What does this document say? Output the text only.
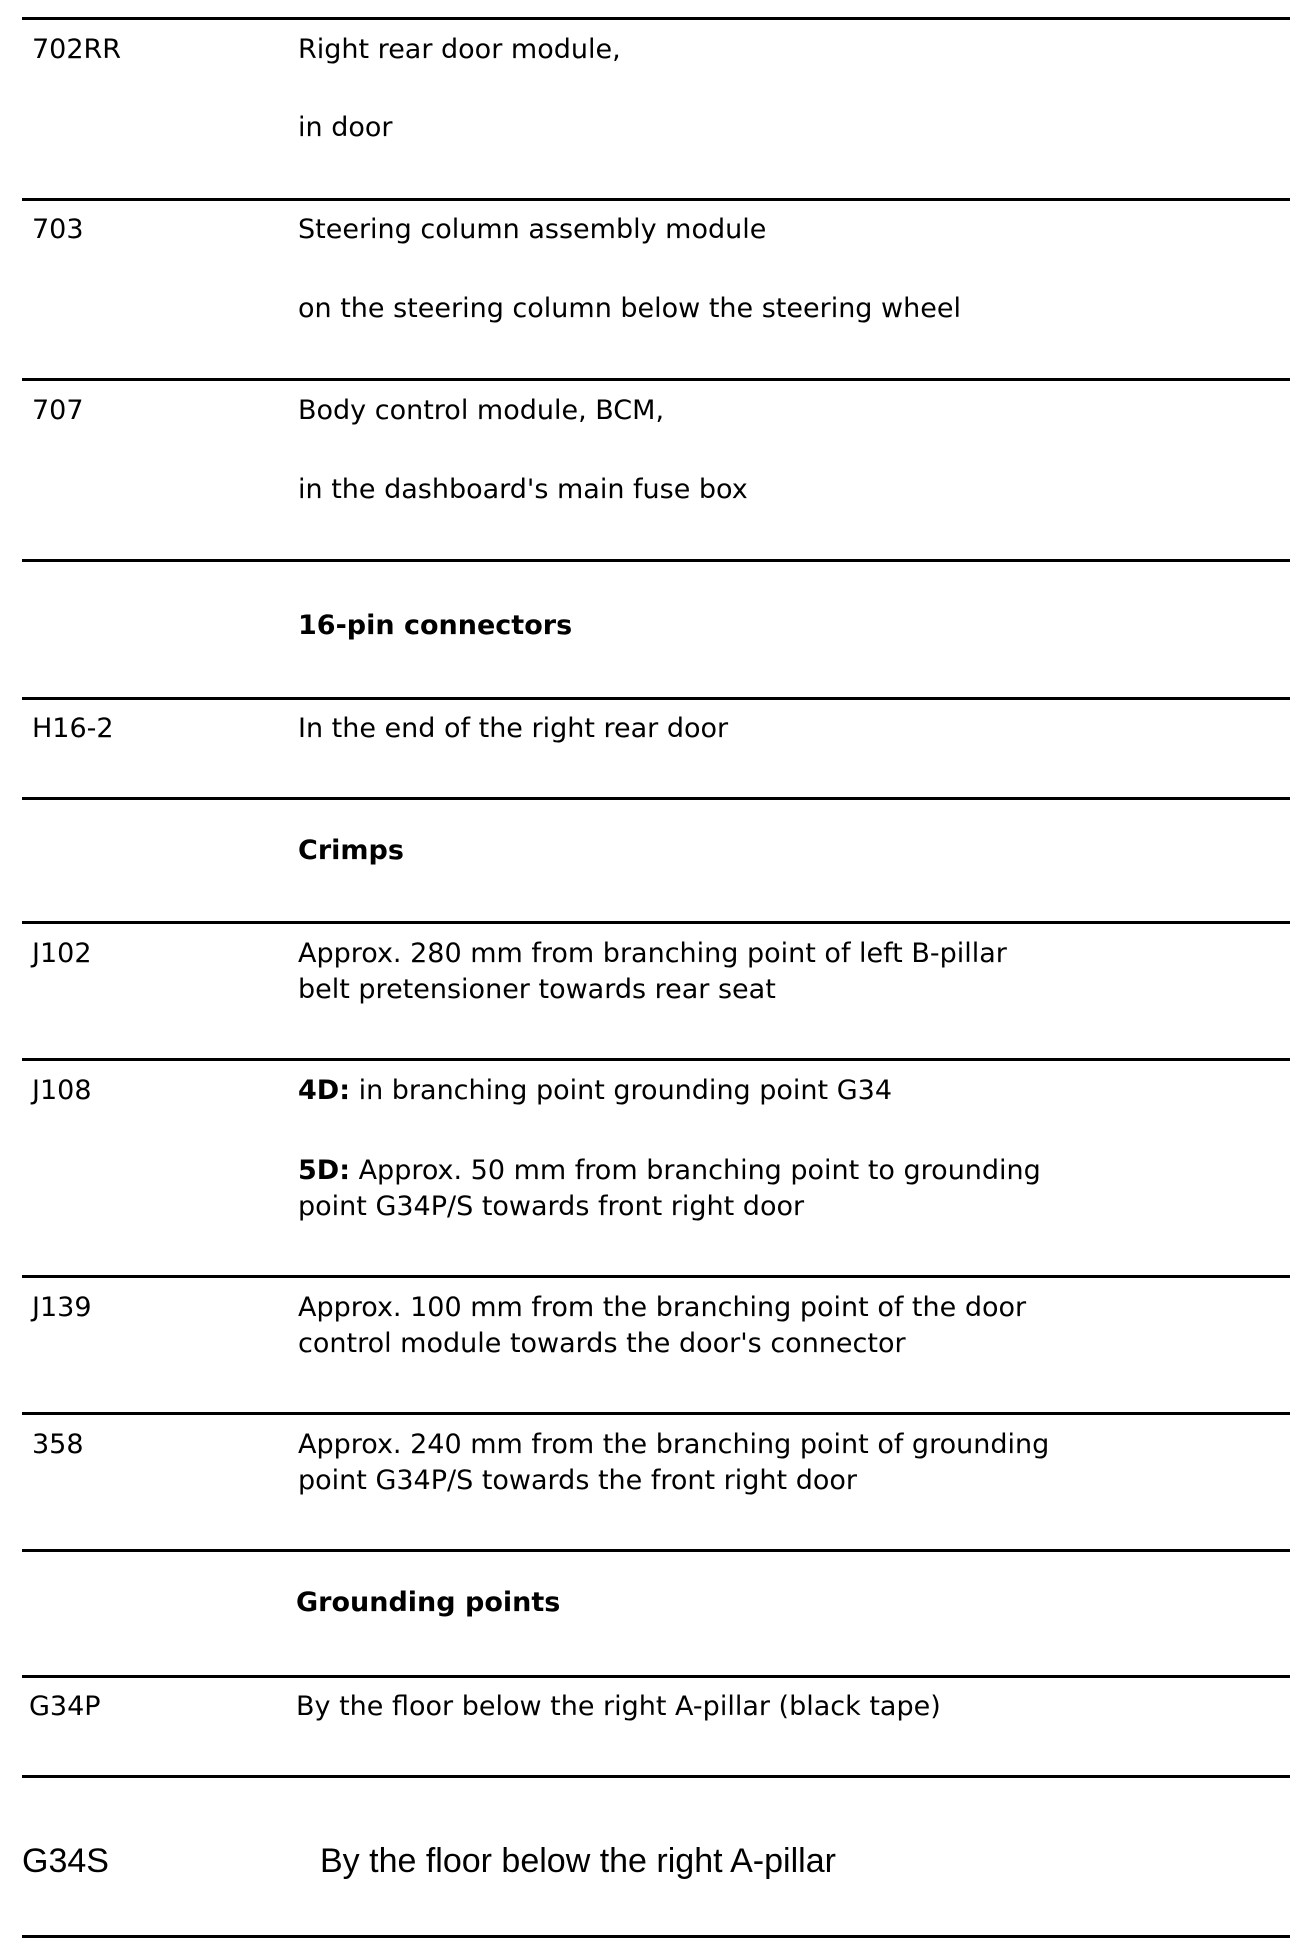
702RR	Right rear door module,
in door
703	Steering column assembly module
on the steering column below the steering wheel
707	Body control module, BCM,
in the dashboard's main fuse box
16-pin connectors
H16-2	In the end of the right rear door
Crimps
J102	Approx. 280 mm from branching point of left B-pillar
belt pretensioner towards rear seat
J108	4D: in branching point grounding point G34
5D: Approx. 50 mm from branching point to grounding
point G34P/S towards front right door
J139	Approx. 100 mm from the branching point of the door
control module towards the door's connector
358	Approx. 240 mm from the branching point of grounding
point G34P/S towards the front right door
Grounding points
G34P	By the floor below the right A-pillar (black tape)
G34S	By the floor below the right A-pillar
